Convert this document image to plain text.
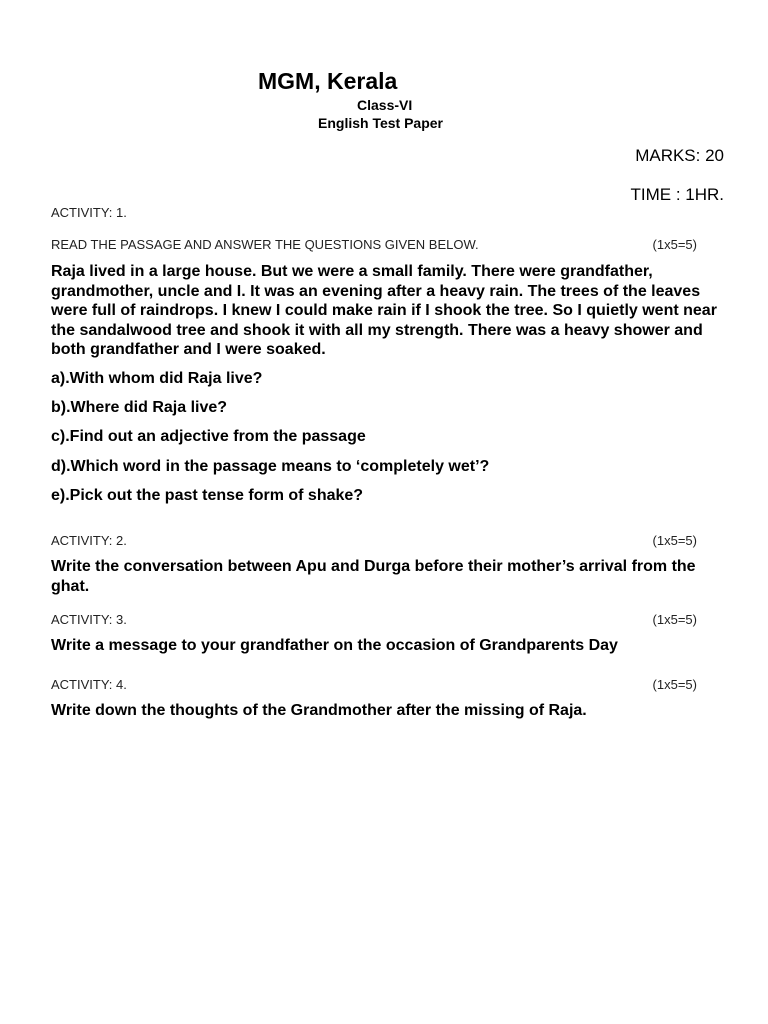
MGM, Kerala
Class-VI
English Test Paper
MARKS: 20
TIME : 1HR.
ACTIVITY: 1.
READ THE PASSAGE AND ANSWER THE QUESTIONS GIVEN BELOW.	(1x5=5)
Raja lived in a large house. But we were a small family. There were grandfather, grandmother, uncle and I. It was an evening after a heavy rain. The trees of the leaves were full of raindrops. I knew I could make rain if I shook the tree. So I quietly went near the sandalwood tree and shook it with all my strength. There was a heavy shower and both grandfather and I were soaked.
a).With whom did Raja live?
b).Where did Raja live?
c).Find out an adjective from the passage
d).Which word in the passage means to ‘completely wet’?
e).Pick out the past tense form of shake?
ACTIVITY: 2.	(1x5=5)
Write the conversation between Apu and Durga before their mother’s arrival from the ghat.
ACTIVITY: 3.	(1x5=5)
Write a message to your grandfather on the occasion of Grandparents Day
ACTIVITY: 4.	(1x5=5)
Write down the thoughts of the Grandmother after the missing of Raja.
